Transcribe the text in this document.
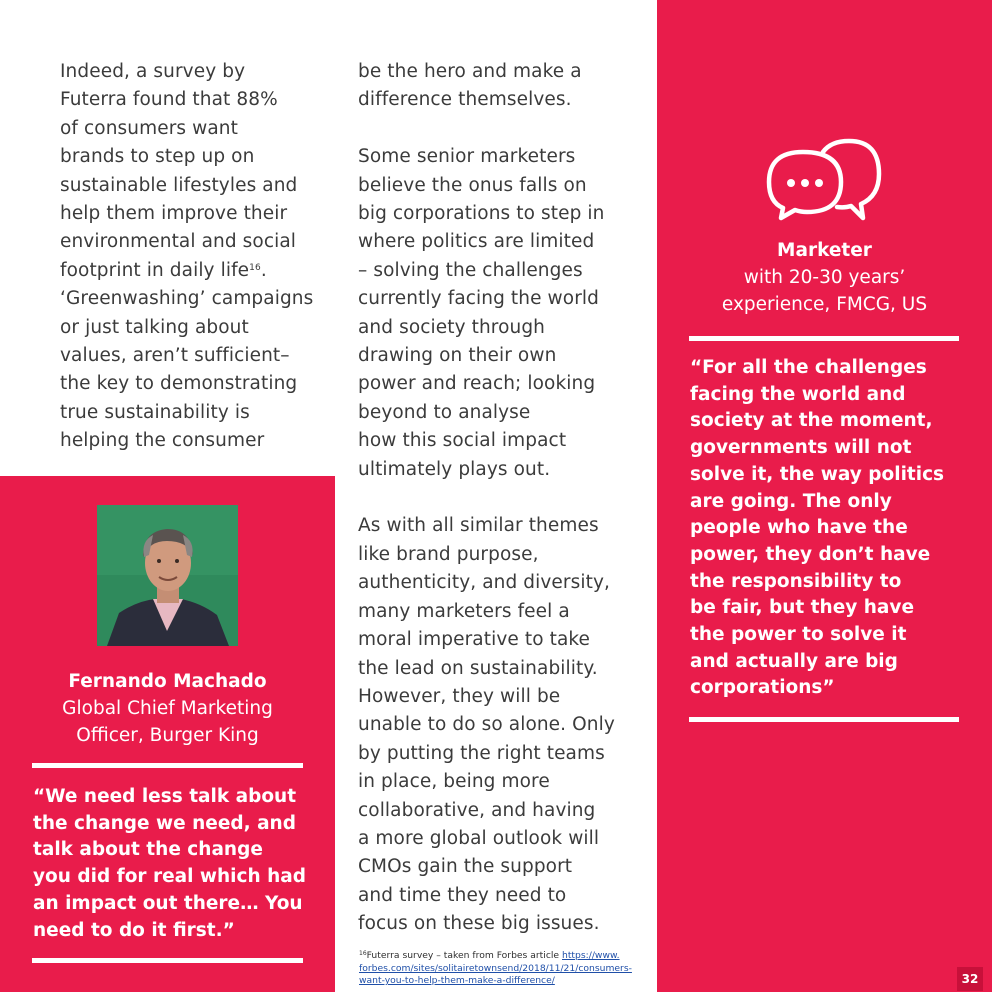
Indeed, a survey by
Futerra found that 88%
of consumers want
brands to step up on
sustainable lifestyles and
help them improve their
environmental and social
footprint in daily life$^{16}$.
‘Greenwashing’ campaigns
or just talking about
values, aren’t sufficient–
the key to demonstrating
true sustainability is
helping the consumer

be the hero and make a
difference themselves.

Some senior marketers
believe the onus falls on
big corporations to step in
where politics are limited
– solving the challenges
currently facing the world
and society through
drawing on their own
power and reach; looking
beyond to analyse
how this social impact
ultimately plays out.

As with all similar themes
like brand purpose,
authenticity, and diversity,
many marketers feel a
moral imperative to take
the lead on sustainability.
However, they will be
unable to do so alone. Only
by putting the right teams
in place, being more
collaborative, and having
a more global outlook will
CMOs gain the support
and time they need to
focus on these big issues.

Fernando Machado
Global Chief Marketing
Officer, Burger King

“We need less talk about
the change we need, and
talk about the change
you did for real which had
an impact out there… You
need to do it first.”

Marketer
with 20-30 years’
experience, FMCG, US

“For all the challenges
facing the world and
society at the moment,
governments will not
solve it, the way politics
are going. The only
people who have the
power, they don’t have
the responsibility to
be fair, but they have
the power to solve it
and actually are big
corporations”

$^{16}$Futerra survey – taken from Forbes article https://www.
forbes.com/sites/solitairetownsend/2018/11/21/consumers-
want-you-to-help-them-make-a-difference/	32
